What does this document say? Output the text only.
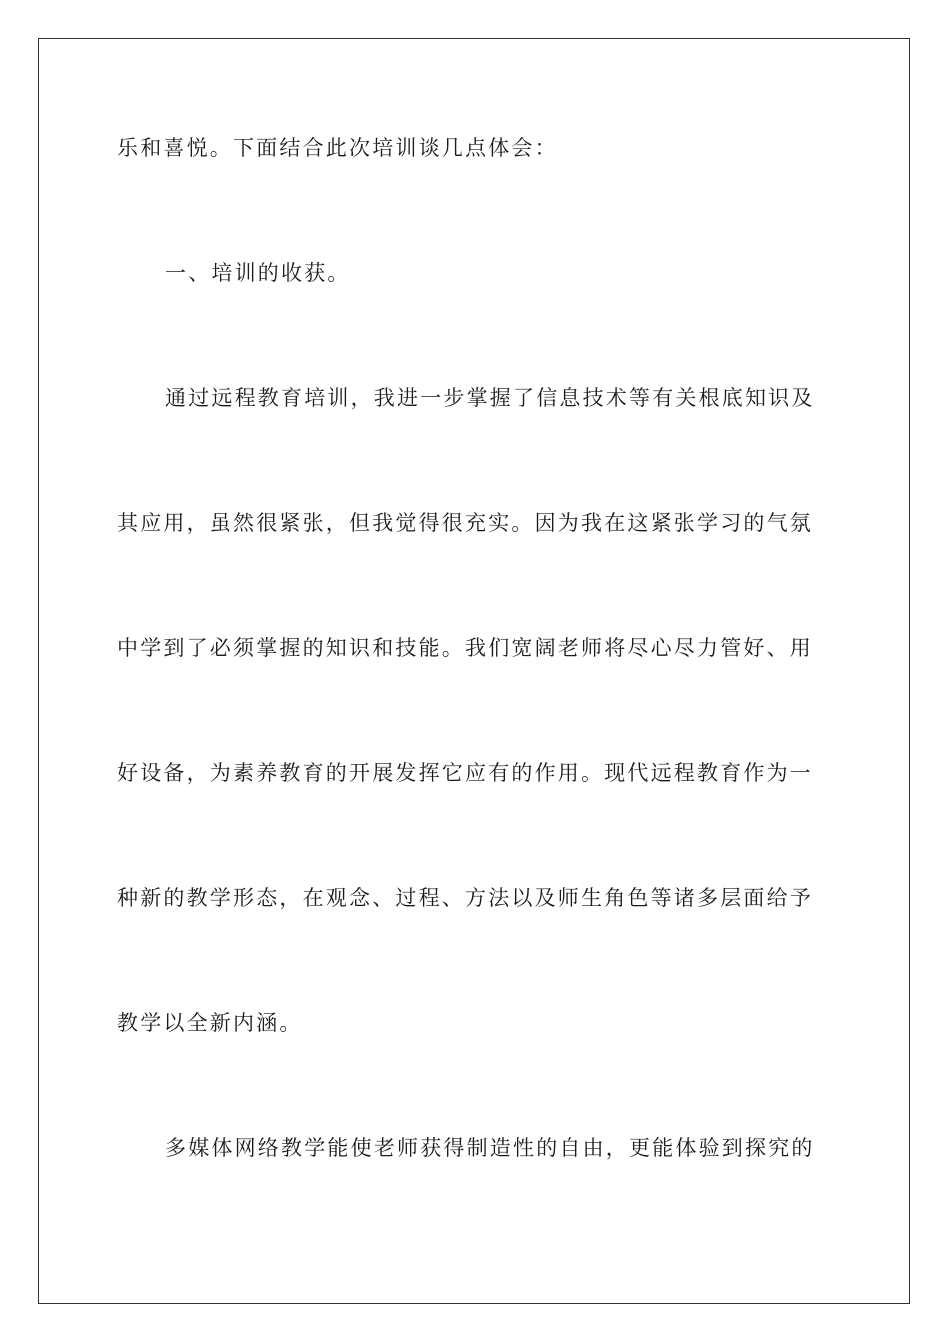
乐和喜悦。下面结合此次培训谈几点体会：
一、培训的收获。
通过远程教育培训，我进一步掌握了信息技术等有关根底知识及
其应用，虽然很紧张，但我觉得很充实。因为我在这紧张学习的气氛
中学到了必须掌握的知识和技能。我们宽阔老师将尽心尽力管好、用
好设备，为素养教育的开展发挥它应有的作用。现代远程教育作为一
种新的教学形态，在观念、过程、方法以及师生角色等诸多层面给予
教学以全新内涵。
多媒体网络教学能使老师获得制造性的自由，更能体验到探究的
